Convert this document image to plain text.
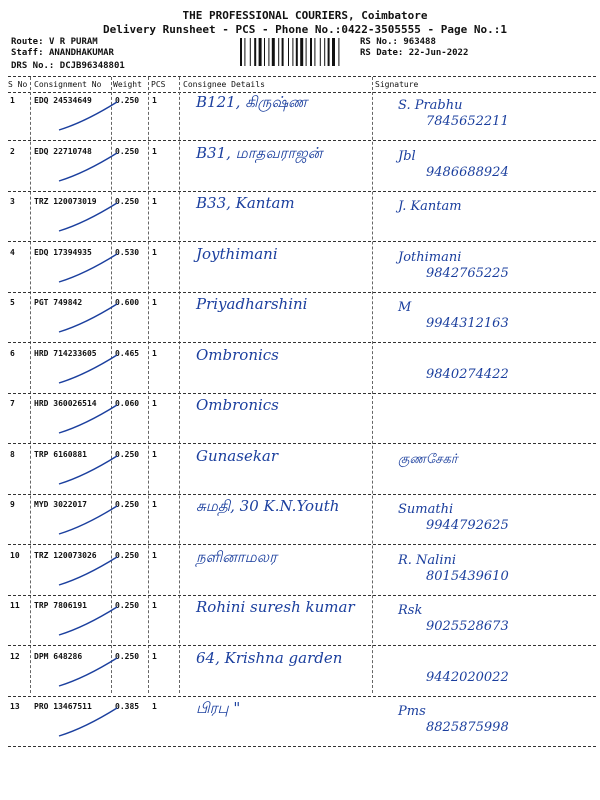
THE PROFESSIONAL COURIERS, Coimbatore
Delivery Runsheet - PCS - Phone No.:0422-3505555 - Page No.:1
Route: V R PURAM
Staff: ANANDHAKUMAR
DRS No.: DCJB96348801
RS No.: 963488
RS Date: 22-Jun-2022
S No Consignment No Weight PCS Consignee Details	Signature
1 EDQ 24534649	0.250 1	B121, கிருஷ்ண	S. Prabhu
7845652211
2 EDQ 22710748	0.250 1	B31, மாதவராஜன்	Jbl
9486688924
3 TRZ 120073019 0.250 1	B33, Kantam	J. Kantam
4 EDQ 17394935	0.530 1	Joythimani	Jothimani
9842765225
5 PGT 749842	0.600 1	Priyadharshini	M
9944312163
6 HRD 714233605 0.465 1	Ombronics
9840274422
7 HRD 360026514 0.060 1	Ombronics
8 TRP 6160881	0.250 1	Gunasekar	குணசேகர்
9 MYD 3022017	0.250 1	சுமதி, 30 K.N.Youth	Sumathi
9944792625
10 TRZ 120073026 0.250 1	நளினாமலர	R. Nalini
8015439610
11 TRP 7806191	0.250 1	Rohini suresh kumar	Rsk
9025528673
12 DPM 648286	0.250 1	64, Krishna garden
9442020022
13 PRO 13467511	0.385 1	பிரபு "	Pms
8825875998
